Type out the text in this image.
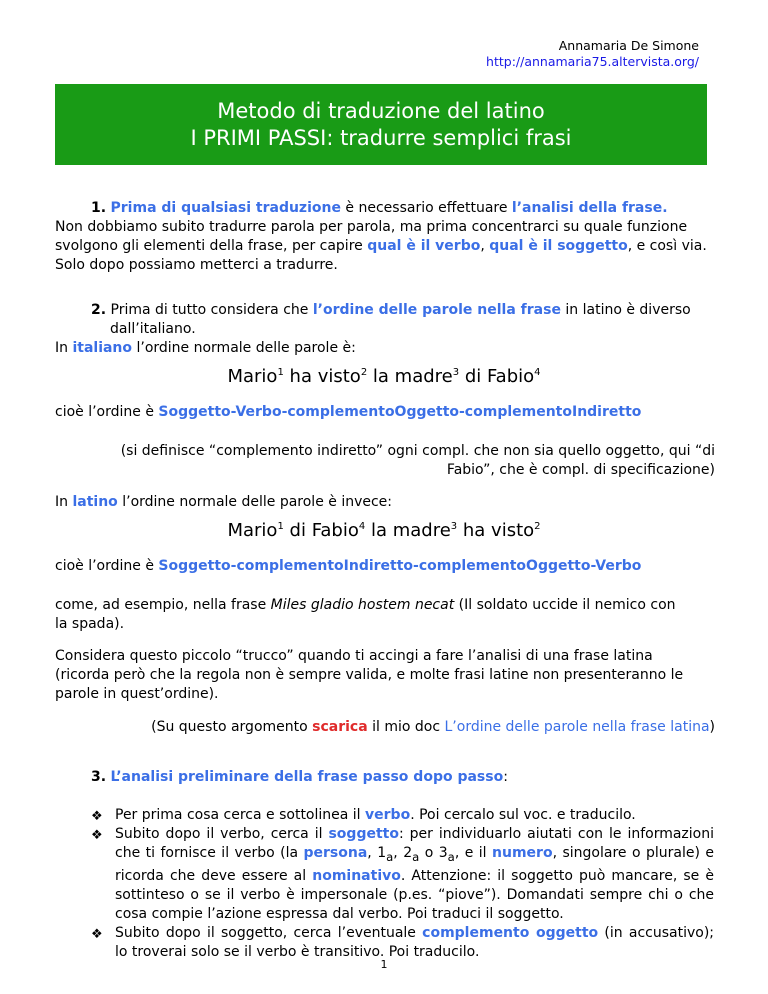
Annamaria De Simone
http://annamaria75.altervista.org/
Metodo di traduzione del latino
I PRIMI PASSI: tradurre semplici frasi

1. Prima di qualsiasi traduzione è necessario effettuare l’analisi della frase.

Non dobbiamo subito tradurre parola per parola, ma prima concentrarci su quale funzione

svolgono gli elementi della frase, per capire qual è il verbo, qual è il soggetto, e così via.

Solo dopo possiamo metterci a tradurre.

2. Prima di tutto considera che l’ordine delle parole nella frase in latino è diverso

dall’italiano.

In italiano l’ordine normale delle parole è:

Mario$^1$ ha visto$^2$ la madre$^3$ di Fabio$^4$

cioè l’ordine è Soggetto-Verbo-complementoOggetto-complementoIndiretto

(si definisce “complemento indiretto” ogni compl. che non sia quello oggetto, qui “di

Fabio”, che è compl. di specificazione)

In latino l’ordine normale delle parole è invece:

Mario$^1$ di Fabio$^4$ la madre$^3$ ha visto$^2$

cioè l’ordine è Soggetto-complementoIndiretto-complementoOggetto-Verbo

come, ad esempio, nella frase Miles gladio hostem necat (Il soldato uccide il nemico con

la spada).

Considera questo piccolo “trucco” quando ti accingi a fare l’analisi di una frase latina

(ricorda però che la regola non è sempre valida, e molte frasi latine non presenteranno le

parole in quest’ordine).

(Su questo argomento scarica il mio doc L’ordine delle parole nella frase latina)

3. L’analisi preliminare della frase passo dopo passo:

❖ Per prima cosa cerca e sottolinea il verbo. Poi cercalo sul voc. e traducilo.
❖ Subito dopo il verbo, cerca il soggetto: per individuarlo aiutati con le informazioni che ti fornisce il verbo (la persona, $1_a$, $2_a$ o $3_a$, e il numero, singolare o plurale) e ricorda che deve essere al nominativo. Attenzione: il soggetto può mancare, se è sottinteso o se il verbo è impersonale (p.es. “piove”). Domandati sempre chi o che cosa compie l’azione espressa dal verbo. Poi traduci il soggetto.
❖ Subito dopo il soggetto, cerca l’eventuale complemento oggetto (in accusativo); lo troverai solo se il verbo è transitivo. Poi traducilo.
1
